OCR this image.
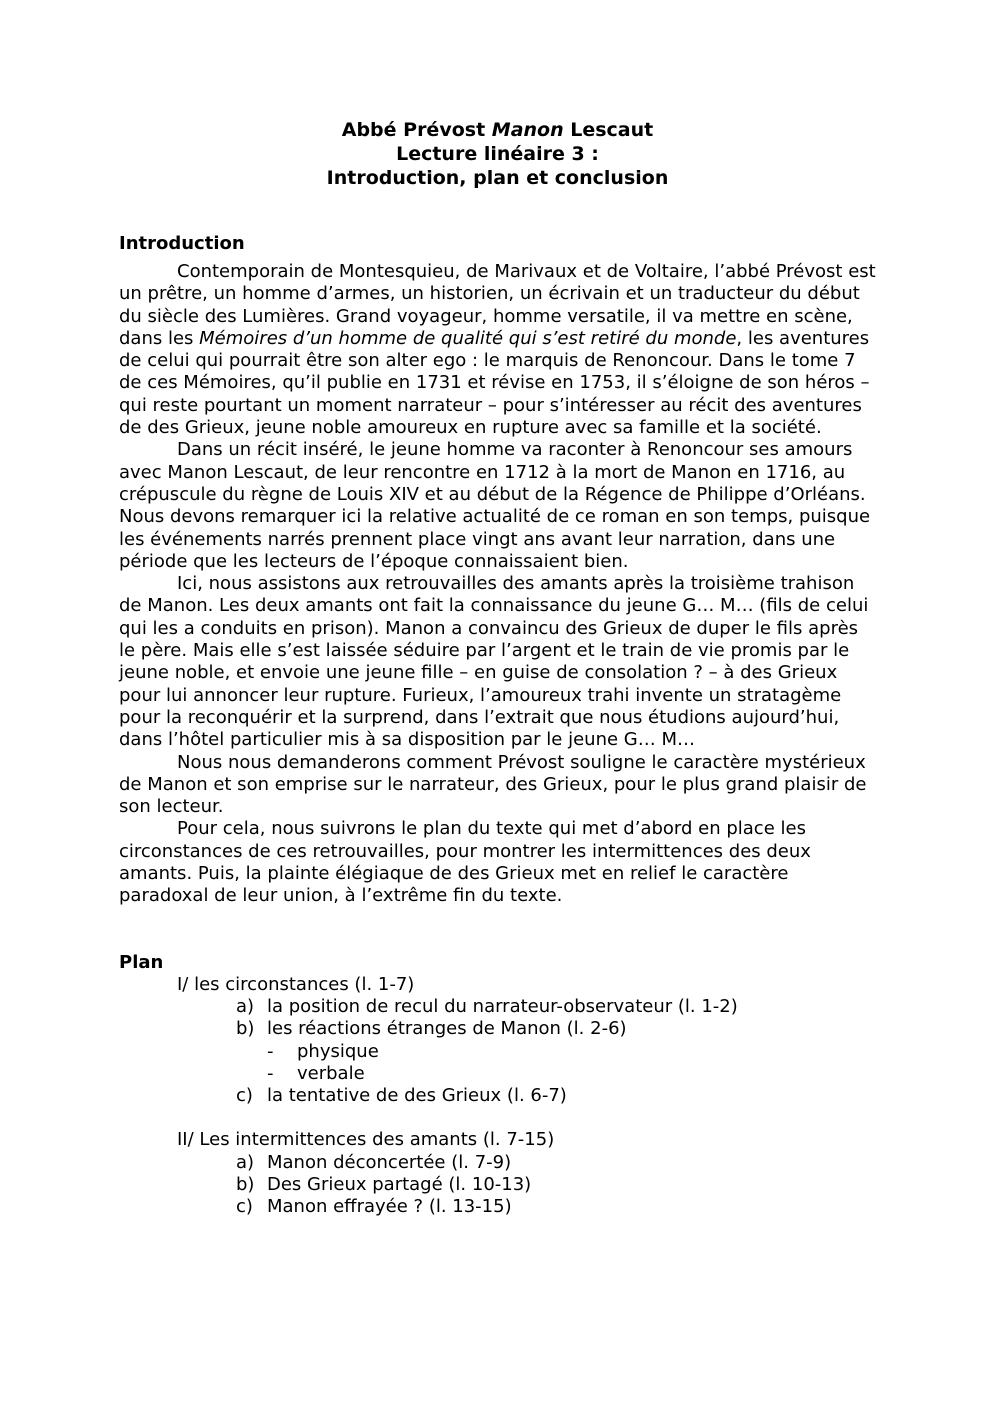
Abbé Prévost Manon Lescaut
Lecture linéaire 3 :
Introduction, plan et conclusion
Introduction

Contemporain de Montesquieu, de Marivaux et de Voltaire, l’abbé Prévost est un prêtre, un homme d’armes, un historien, un écrivain et un traducteur du début du siècle des Lumières. Grand voyageur, homme versatile, il va mettre en scène, dans les Mémoires d’un homme de qualité qui s’est retiré du monde, les aventures de celui qui pourrait être son alter ego : le marquis de Renoncour. Dans le tome 7 de ces Mémoires, qu’il publie en 1731 et révise en 1753, il s’éloigne de son héros – qui reste pourtant un moment narrateur – pour s’intéresser au récit des aventures de des Grieux, jeune noble amoureux en rupture avec sa famille et la société.

Dans un récit inséré, le jeune homme va raconter à Renoncour ses amours avec Manon Lescaut, de leur rencontre en 1712 à la mort de Manon en 1716, au crépuscule du règne de Louis XIV et au début de la Régence de Philippe d’Orléans. Nous devons remarquer ici la relative actualité de ce roman en son temps, puisque les événements narrés prennent place vingt ans avant leur narration, dans une période que les lecteurs de l’époque connaissaient bien.

Ici, nous assistons aux retrouvailles des amants après la troisième trahison de Manon. Les deux amants ont fait la connaissance du jeune G… M… (fils de celui qui les a conduits en prison). Manon a convaincu des Grieux de duper le fils après le père. Mais elle s’est laissée séduire par l’argent et le train de vie promis par le jeune noble, et envoie une jeune fille – en guise de consolation ? – à des Grieux pour lui annoncer leur rupture. Furieux, l’amoureux trahi invente un stratagème pour la reconquérir et la surprend, dans l’extrait que nous étudions aujourd’hui, dans l’hôtel particulier mis à sa disposition par le jeune G… M…

Nous nous demanderons comment Prévost souligne le caractère mystérieux de Manon et son emprise sur le narrateur, des Grieux, pour le plus grand plaisir de son lecteur.

Pour cela, nous suivrons le plan du texte qui met d’abord en place les circonstances de ces retrouvailles, pour montrer les intermittences des deux amants. Puis, la plainte élégiaque de des Grieux met en relief le caractère paradoxal de leur union, à l’extrême fin du texte.

Plan
I/ les circonstances (l. 1-7)
a) la position de recul du narrateur-observateur (l. 1-2)
b) les réactions étranges de Manon (l. 2-6)
- physique
- verbale
c) la tentative de des Grieux (l. 6-7)
II/ Les intermittences des amants (l. 7-15)
a) Manon déconcertée (l. 7-9)
b) Des Grieux partagé (l. 10-13)
c) Manon effrayée ? (l. 13-15)
